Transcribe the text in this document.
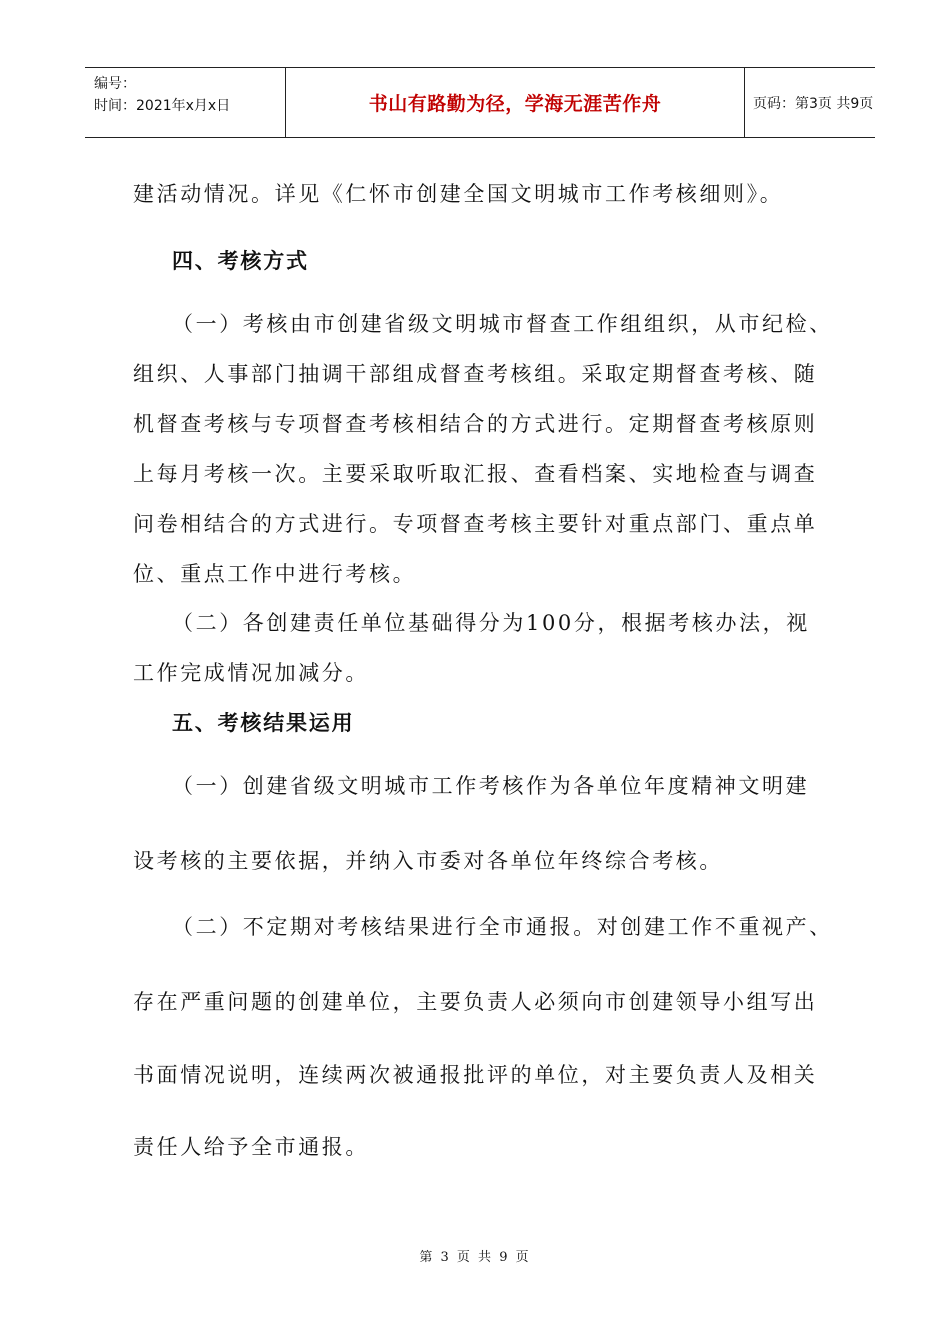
编号：
时间：2021年x月x日	书山有路勤为径，学海无涯苦作舟	页码：第3页 共9页
建活动情况。详见《仁怀市创建全国文明城市工作考核细则》。
四、考核方式
（一）考核由市创建省级文明城市督查工作组组织，从市纪检、
组织、人事部门抽调干部组成督查考核组。采取定期督查考核、随
机督查考核与专项督查考核相结合的方式进行。定期督查考核原则
上每月考核一次。主要采取听取汇报、查看档案、实地检查与调查
问卷相结合的方式进行。专项督查考核主要针对重点部门、重点单
位、重点工作中进行考核。
（二）各创建责任单位基础得分为100分，根据考核办法，视
工作完成情况加减分。
五、考核结果运用
（一）创建省级文明城市工作考核作为各单位年度精神文明建
设考核的主要依据，并纳入市委对各单位年终综合考核。
（二）不定期对考核结果进行全市通报。对创建工作不重视产、
存在严重问题的创建单位，主要负责人必须向市创建领导小组写出
书面情况说明，连续两次被通报批评的单位，对主要负责人及相关
责任人给予全市通报。
第 3 页 共 9 页
